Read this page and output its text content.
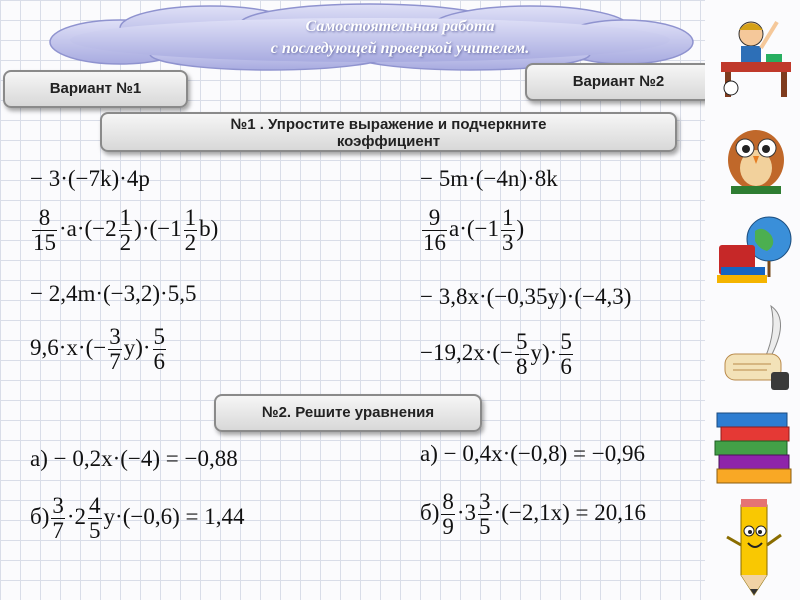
Самостоятельная работа
с последующей проверкой учителем.
Вариант №1	Вариант №2
№1 . Упростите выражение и подчеркните
коэффициент
− 3·(−7k)·4p
$\frac{8}{15} \cdot a\cdot(-2 \frac{1}{2} )\cdot(-1 \frac{1}{2} b)$
− 2,4m·(−3,2)·5,5
$9,6\cdot x\cdot(- \frac{3}{7} y)\cdot \frac{5}{6}$
− 5m·(−4n)·8k
$\frac{9}{16} a\cdot(-1 \frac{1}{3}$ )
− 3,8x·(−0,35y)·(−4,3)
$-19,2x\cdot(- \frac{5}{8} y)\cdot \frac{5}{6}$
№2. Решите уравнения
а) − 0,2x·(−4) = −0,88
$б) \frac{3}{7} \cdot 2 \frac{4}{5} y\cdot(-0,6) = 1,44$
а) − 0,4x·(−0,8) = −0,96
$б) \frac{8}{9} \cdot 3 \frac{3}{5} \cdot(-2,1x) = 20,16$
